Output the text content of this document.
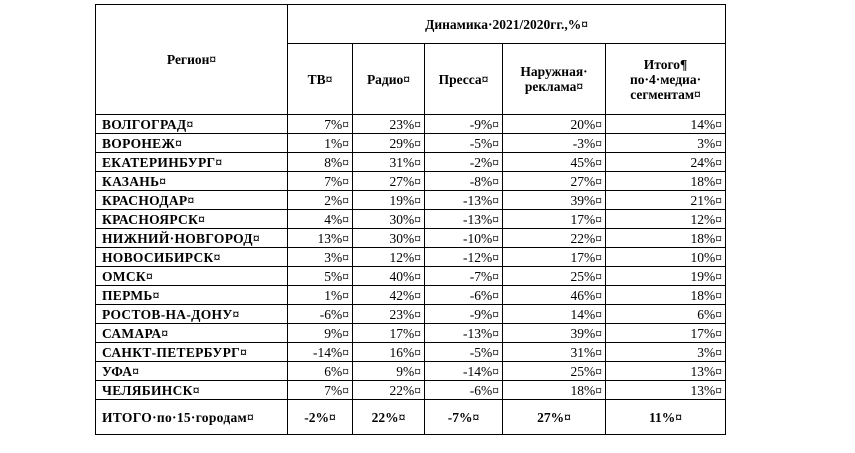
Регион¤	Динамика·2021/2020гг.,%¤				
	ТВ¤	Радио¤	Пресса¤	Наружная· реклама¤	Итого¶ по·4·медиа· сегментам¤
ВОЛГОГРАД¤	7%¤	23%¤	-9%¤	20%¤	14%¤
ВОРОНЕЖ¤	1%¤	29%¤	-5%¤	-3%¤	3%¤
ЕКАТЕРИНБУРГ¤	8%¤	31%¤	-2%¤	45%¤	24%¤
КАЗАНЬ¤	7%¤	27%¤	-8%¤	27%¤	18%¤
КРАСНОДАР¤	2%¤	19%¤	-13%¤	39%¤	21%¤
КРАСНОЯРСК¤	4%¤	30%¤	-13%¤	17%¤	12%¤
НИЖНИЙ·НОВГОРОД¤	13%¤	30%¤	-10%¤	22%¤	18%¤
НОВОСИБИРСК¤	3%¤	12%¤	-12%¤	17%¤	10%¤
ОМСК¤	5%¤	40%¤	-7%¤	25%¤	19%¤
ПЕРМЬ¤	1%¤	42%¤	-6%¤	46%¤	18%¤
РОСТОВ-НА-ДОНУ¤	-6%¤	23%¤	-9%¤	14%¤	6%¤
САМАРА¤	9%¤	17%¤	-13%¤	39%¤	17%¤
САНКТ-ПЕТЕРБУРГ¤	-14%¤	16%¤	-5%¤	31%¤	3%¤
УФА¤	6%¤	9%¤	-14%¤	25%¤	13%¤
ЧЕЛЯБИНСК¤	7%¤	22%¤	-6%¤	18%¤	13%¤
ИТОГО·по·15·городам¤	-2%¤	22%¤	-7%¤	27%¤	11%¤
